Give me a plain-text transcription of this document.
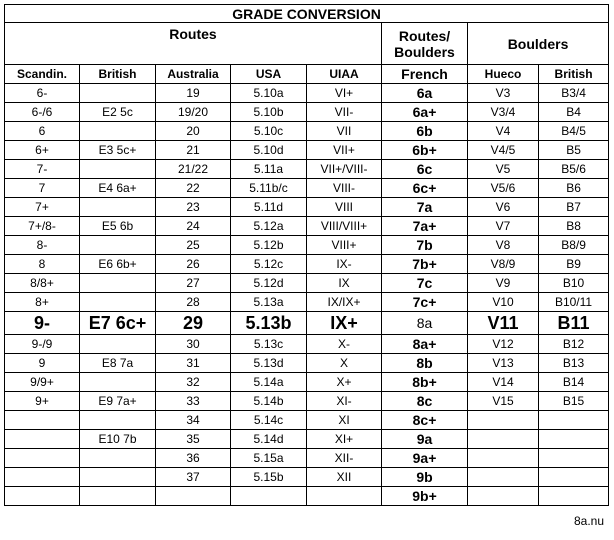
GRADE CONVERSION							
Routes					Routes/
Boulders	Boulders	
Scandin.	British	Australia	USA	UIAA	French	Hueco	British
6-		19	5.10a	VI+	6a	V3	B3/4
6-/6	E2 5c	19/20	5.10b	VII-	6a+	V3/4	B4
6		20	5.10c	VII	6b	V4	B4/5
6+	E3 5c+	21	5.10d	VII+	6b+	V4/5	B5
7-		21/22	5.11a	VII+/VIII-	6c	V5	B5/6
7	E4 6a+	22	5.11b/c	VIII-	6c+	V5/6	B6
7+		23	5.11d	VIII	7a	V6	B7
7+/8-	E5 6b	24	5.12a	VIII/VIII+	7a+	V7	B8
8-		25	5.12b	VIII+	7b	V8	B8/9
8	E6 6b+	26	5.12c	IX-	7b+	V8/9	B9
8/8+		27	5.12d	IX	7c	V9	B10
8+		28	5.13a	IX/IX+	7c+	V10	B10/11
9-	E7 6c+	29	5.13b	IX+	8a	V11	B11
9-/9		30	5.13c	X-	8a+	V12	B12
9	E8 7a	31	5.13d	X	8b	V13	B13
9/9+		32	5.14a	X+	8b+	V14	B14
9+	E9 7a+	33	5.14b	XI-	8c	V15	B15
		34	5.14c	XI	8c+		
	E10 7b	35	5.14d	XI+	9a		
		36	5.15a	XII-	9a+		
		37	5.15b	XII	9b		
					9b+		
8a.nu
